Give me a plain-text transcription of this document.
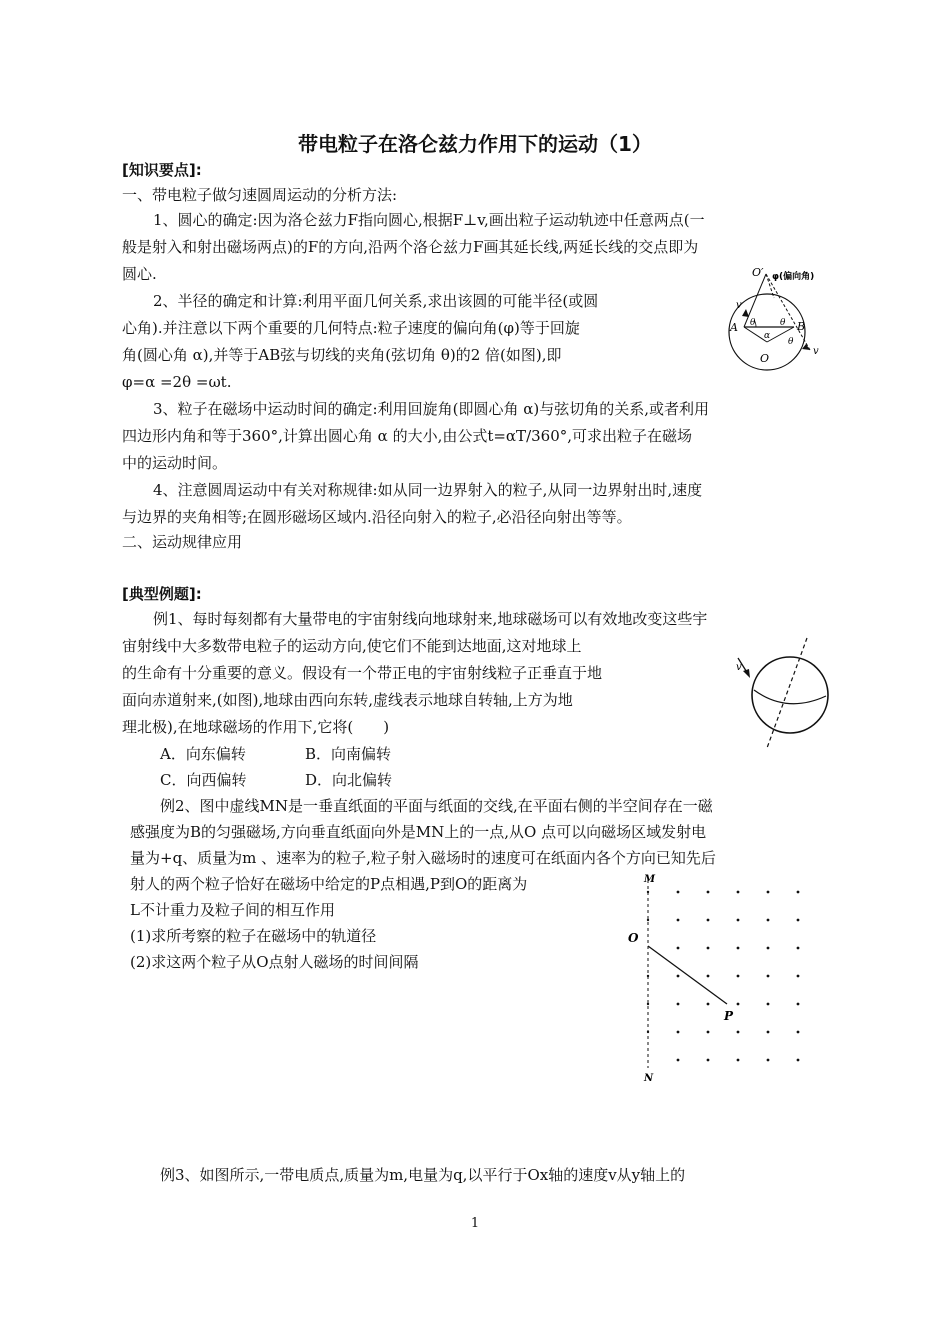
带电粒子在洛仑兹力作用下的运动（1）
[知识要点]:
一、带电粒子做匀速圆周运动的分析方法:
1、圆心的确定:因为洛仑兹力F指向圆心,根据F⊥v,画出粒子运动轨迹中任意两点(一
般是射入和射出磁场两点)的F的方向,沿两个洛仑兹力F画其延长线,两延长线的交点即为
圆心.
2、半径的确定和计算:利用平面几何关系,求出该圆的可能半径(或圆
心角).并注意以下两个重要的几何特点:粒子速度的偏向角(φ)等于回旋
角(圆心角 α),并等于AB弦与切线的夹角(弦切角 θ)的2 倍(如图),即
φ=α =2θ =ωt.
3、粒子在磁场中运动时间的确定:利用回旋角(即圆心角 α)与弦切角的关系,或者利用
四边形内角和等于360°,计算出圆心角 α 的大小,由公式t=αT/360°,可求出粒子在磁场
中的运动时间。
4、注意圆周运动中有关对称规律:如从同一边界射入的粒子,从同一边界射出时,速度
与边界的夹角相等;在圆形磁场区域内.沿径向射入的粒子,必沿径向射出等等。
二、运动规律应用
[典型例题]:
例1、每时每刻都有大量带电的宇宙射线向地球射来,地球磁场可以有效地改变这些宇
宙射线中大多数带电粒子的运动方向,使它们不能到达地面,这对地球上
的生命有十分重要的意义。假设有一个带正电的宇宙射线粒子正垂直于地
面向赤道射来,(如图),地球由西向东转,虚线表示地球自转轴,上方为地
理北极),在地球磁场的作用下,它将(　　)
A．向东偏转	B．向南偏转
C．向西偏转	D．向北偏转
例2、图中虚线MN是一垂直纸面的平面与纸面的交线,在平面右侧的半空间存在一磁
感强度为B的匀强磁场,方向垂直纸面向外是MN上的一点,从O 点可以向磁场区域发射电
量为+q、质量为m 、速率为的粒子,粒子射入磁场时的速度可在纸面内各个方向已知先后
射人的两个粒子恰好在磁场中给定的P点相遇,P到O的距离为
L不计重力及粒子间的相互作用
(1)求所考察的粒子在磁场中的轨道径
(2)求这两个粒子从O点射人磁场的时间间隔
例3、如图所示,一带电质点,质量为m,电量为q,以平行于Ox轴的速度v从y轴上的
1
O′ φ(偏向角)
v
A	B
θ	θ
α
θ
O
v
v
M
O
P
N
